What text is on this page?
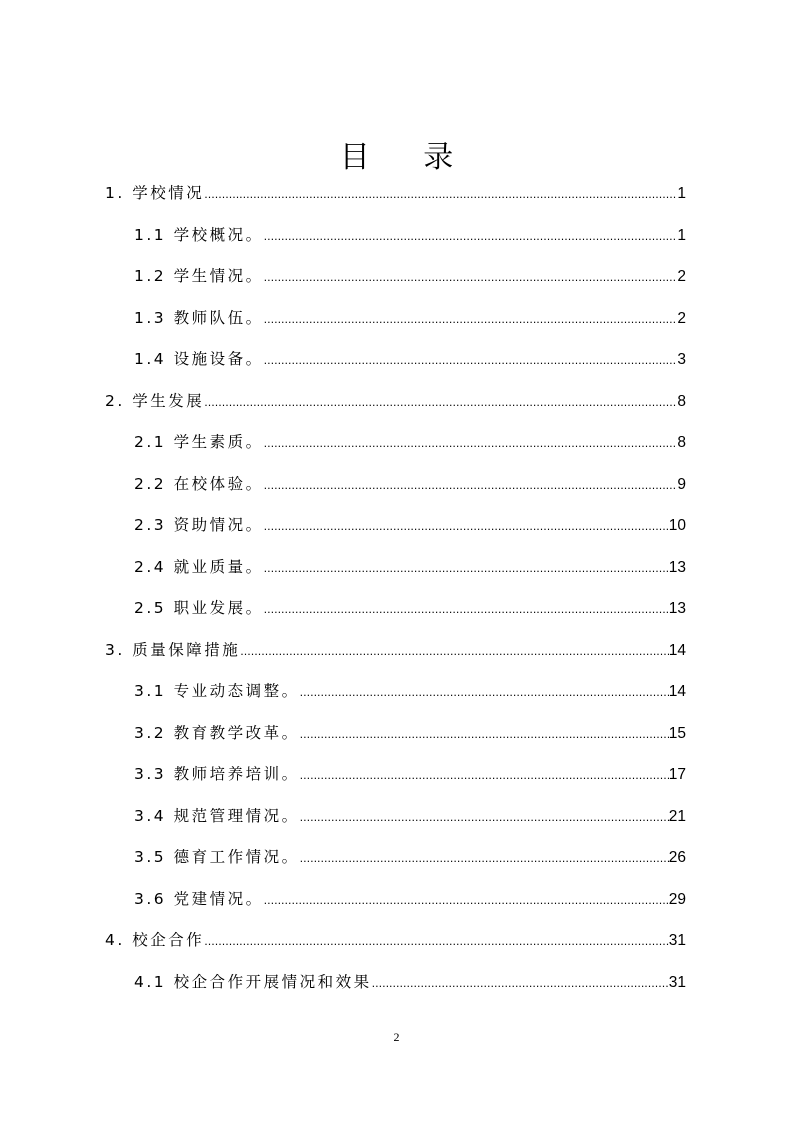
目 录
1. 学校情况 .....	1
1.1 学校概况。 .....	1
1.2 学生情况。 .....	2
1.3 教师队伍。 .....	2
1.4 设施设备。 .....	3
2. 学生发展 .....	8
2.1 学生素质。 .....	8
2.2 在校体验。 .....	9
2.3 资助情况。 .....	10
2.4 就业质量。 .....	13
2.5 职业发展。 .....	13
3. 质量保障措施 .....	14
3.1 专业动态调整。 .....	14
3.2 教育教学改革。 .....	15
3.3 教师培养培训。 .....	17
3.4 规范管理情况。 .....	21
3.5 德育工作情况。 .....	26
3.6 党建情况。 .....	29
4. 校企合作 .....	31
4.1 校企合作开展情况和效果 .....	31
2
